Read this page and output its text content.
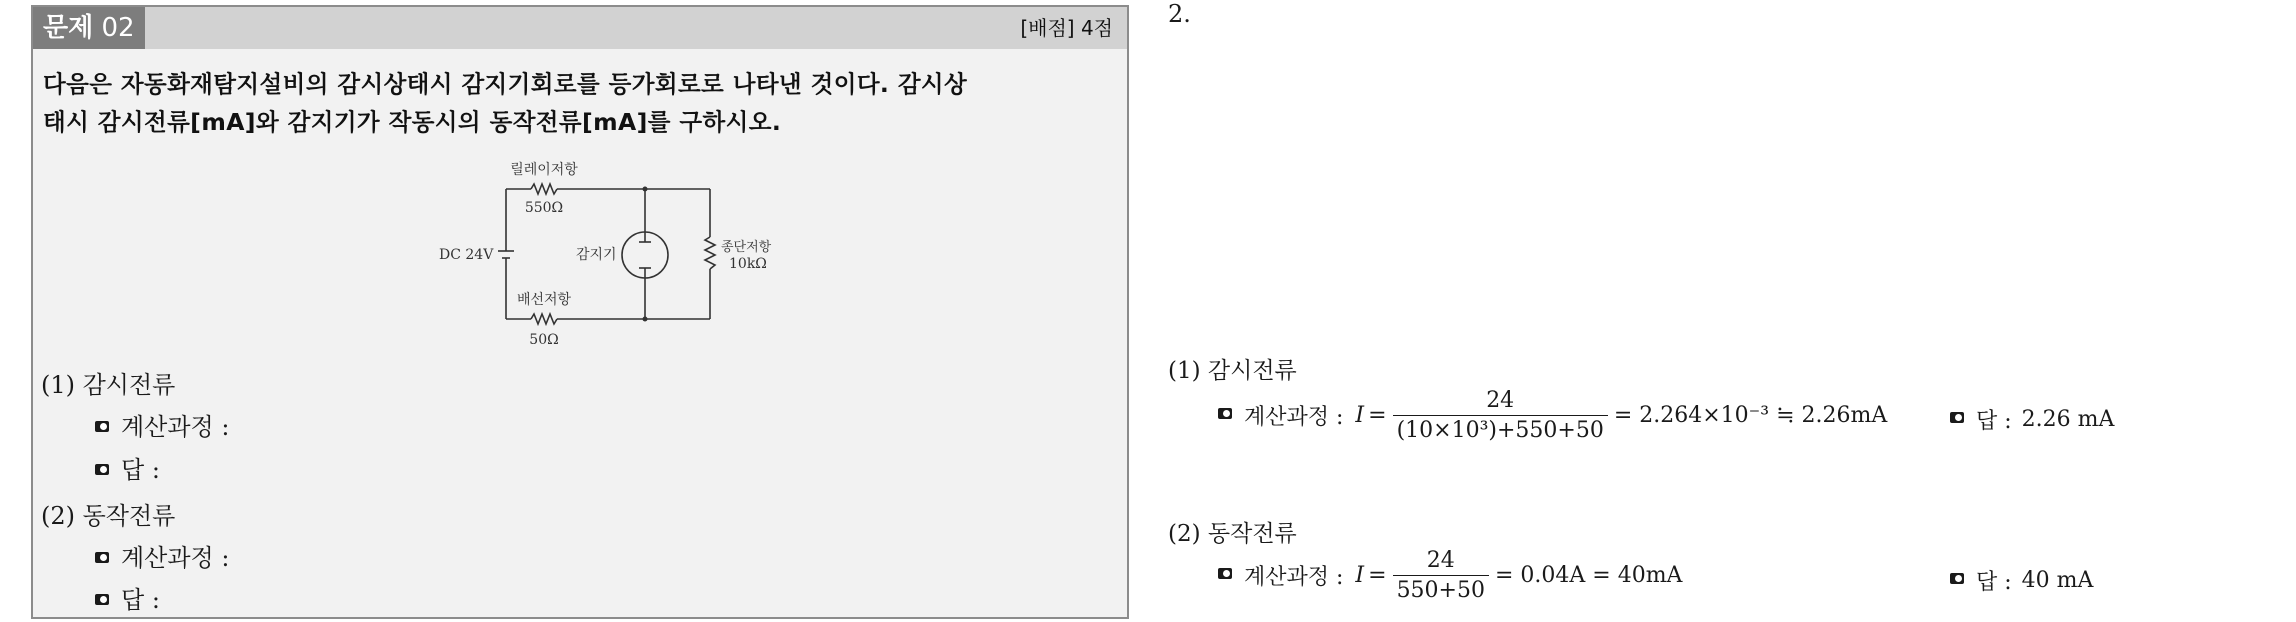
문제 02	[배점] 4점
다음은 자동화재탐지설비의 감시상태시 감지기회로를 등가회로로 나타낸 것이다. 감시상
태시 감시전류[mA]와 감지기가 작동시의 동작전류[mA]를 구하시오.
릴레이저항
550Ω
DC 24V	감지기	종단저항
10kΩ
배선저항
50Ω
(1) 감시전류
계산과정 :
답 :
(2) 동작전류
계산과정 :
답 :
2.
(1) 감시전류
계산과정 : $I = \frac{24}{\text{(10×10³)+550+50}} = 2.264\times 10^{-3}$ ≒ 2.26mA	답 : 2.26 mA
(2) 동작전류
계산과정 : $I = \frac{24}{550+50} = 0.04A = 40mA$	답 : 40 mA
